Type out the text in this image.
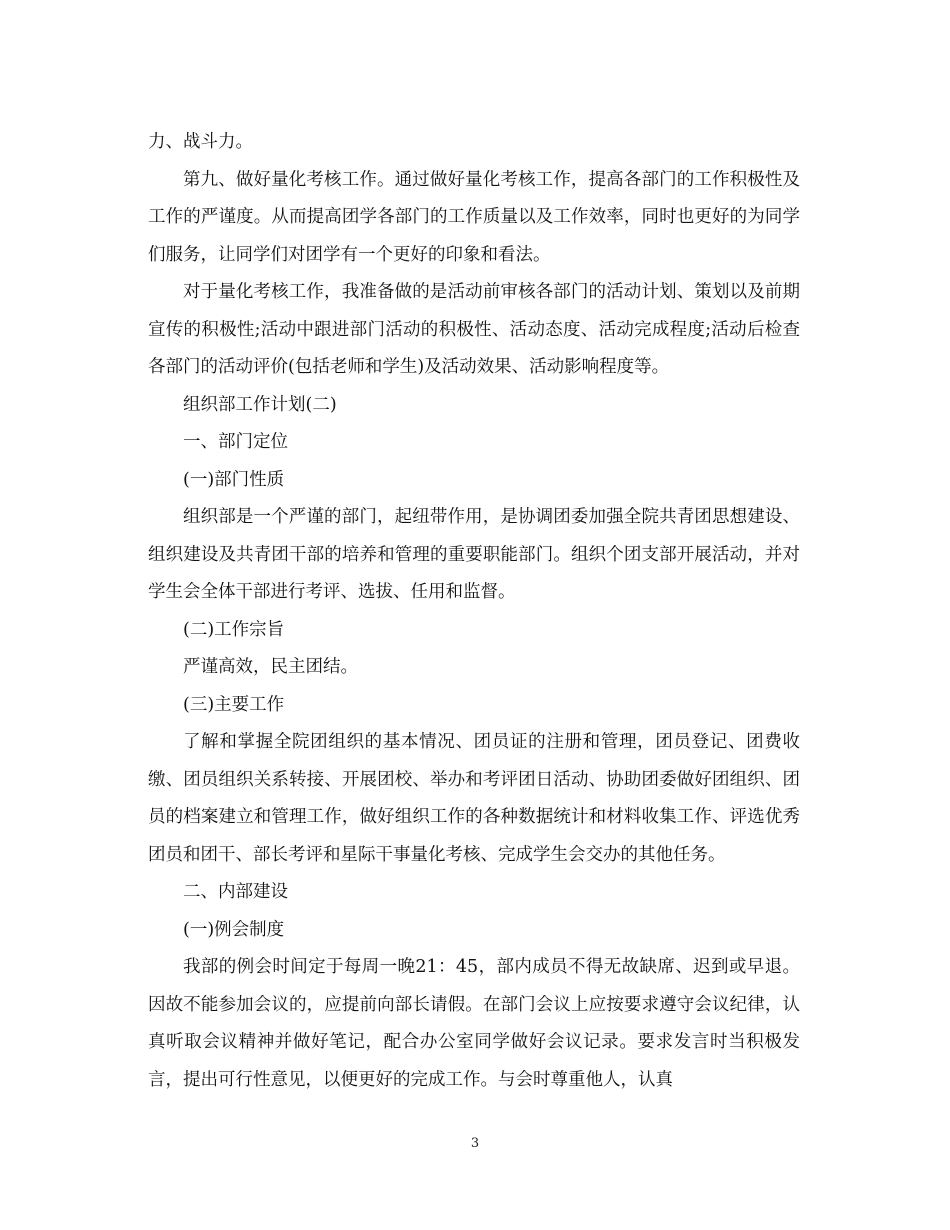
力、战斗力。

第九、做好量化考核工作。通过做好量化考核工作，提高各部门的工作积极性及工作的严谨度。从而提高团学各部门的工作质量以及工作效率，同时也更好的为同学们服务，让同学们对团学有一个更好的印象和看法。

对于量化考核工作，我准备做的是活动前审核各部门的活动计划、策划以及前期宣传的积极性;活动中跟进部门活动的积极性、活动态度、活动完成程度;活动后检查各部门的活动评价(包括老师和学生)及活动效果、活动影响程度等。

组织部工作计划(二)

一、部门定位

(一)部门性质

组织部是一个严谨的部门，起纽带作用，是协调团委加强全院共青团思想建设、组织建设及共青团干部的培养和管理的重要职能部门。组织个团支部开展活动，并对学生会全体干部进行考评、选拔、任用和监督。

(二)工作宗旨

严谨高效，民主团结。

(三)主要工作

了解和掌握全院团组织的基本情况、团员证的注册和管理，团员登记、团费收缴、团员组织关系转接、开展团校、举办和考评团日活动、协助团委做好团组织、团员的档案建立和管理工作，做好组织工作的各种数据统计和材料收集工作、评选优秀团员和团干、部长考评和星际干事量化考核、完成学生会交办的其他任务。

二、内部建设

(一)例会制度

我部的例会时间定于每周一晚21：45，部内成员不得无故缺席、迟到或早退。因故不能参加会议的，应提前向部长请假。在部门会议上应按要求遵守会议纪律，认真听取会议精神并做好笔记，配合办公室同学做好会议记录。要求发言时当积极发言，提出可行性意见，以便更好的完成工作。与会时尊重他人，认真

3
